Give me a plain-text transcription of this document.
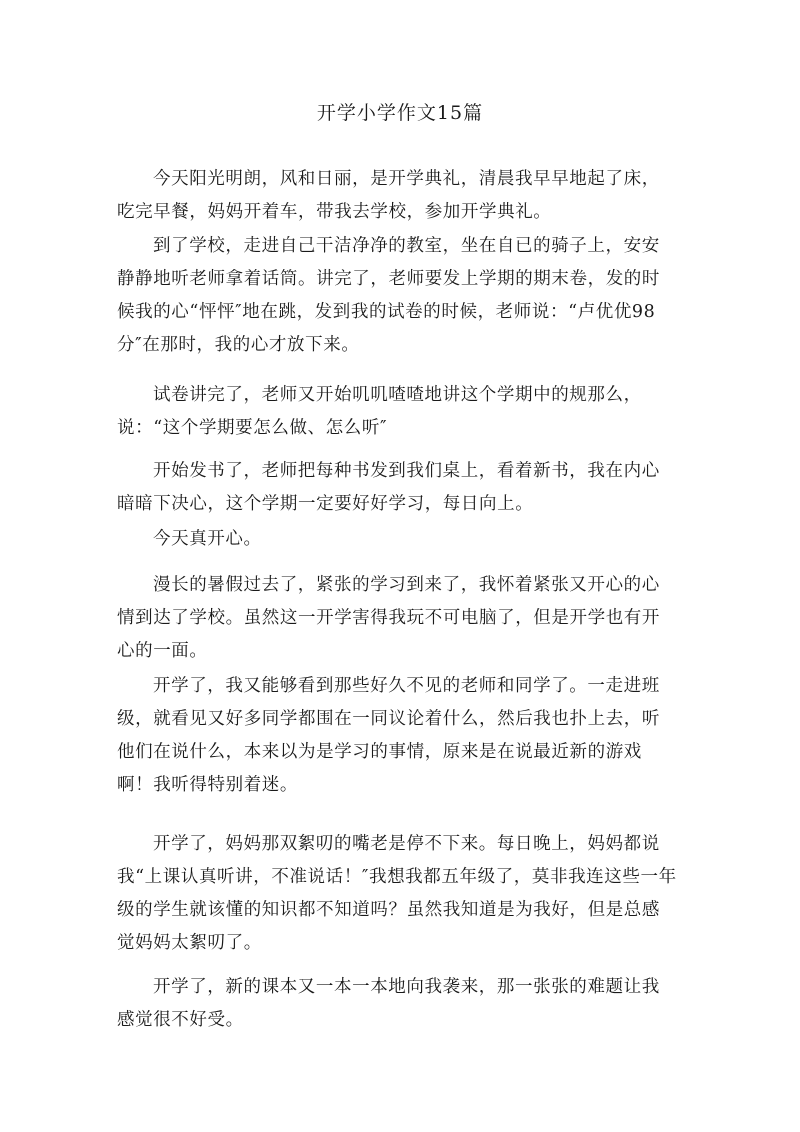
开学小学作文15篇

今天阳光明朗，风和日丽，是开学典礼，清晨我早早地起了床，吃完早餐，妈妈开着车，带我去学校，参加开学典礼。

到了学校，走进自己干洁净净的教室，坐在自已的骑子上，安安静静地听老师拿着话筒。讲完了，老师要发上学期的期末卷，发的时候我的心“怦怦″地在跳，发到我的试卷的时候，老师说：“卢优优98分″在那时，我的心才放下来。

试卷讲完了，老师又开始叽叽喳喳地讲这个学期中的规那么，说：“这个学期要怎么做、怎么听″

开始发书了，老师把每种书发到我们桌上，看着新书，我在内心暗暗下决心，这个学期一定要好好学习，每日向上。

今天真开心。

漫长的暑假过去了，紧张的学习到来了，我怀着紧张又开心的心情到达了学校。虽然这一开学害得我玩不可电脑了，但是开学也有开心的一面。

开学了，我又能够看到那些好久不见的老师和同学了。一走进班级，就看见又好多同学都围在一同议论着什么，然后我也扑上去，听他们在说什么，本来以为是学习的事情，原来是在说最近新的游戏啊！我听得特别着迷。

开学了，妈妈那双絮叨的嘴老是停不下来。每日晚上，妈妈都说我“上课认真听讲，不准说话！″我想我都五年级了，莫非我连这些一年级的学生就该懂的知识都不知道吗？虽然我知道是为我好，但是总感觉妈妈太絮叨了。

开学了，新的课本又一本一本地向我袭来，那一张张的难题让我感觉很不好受。
